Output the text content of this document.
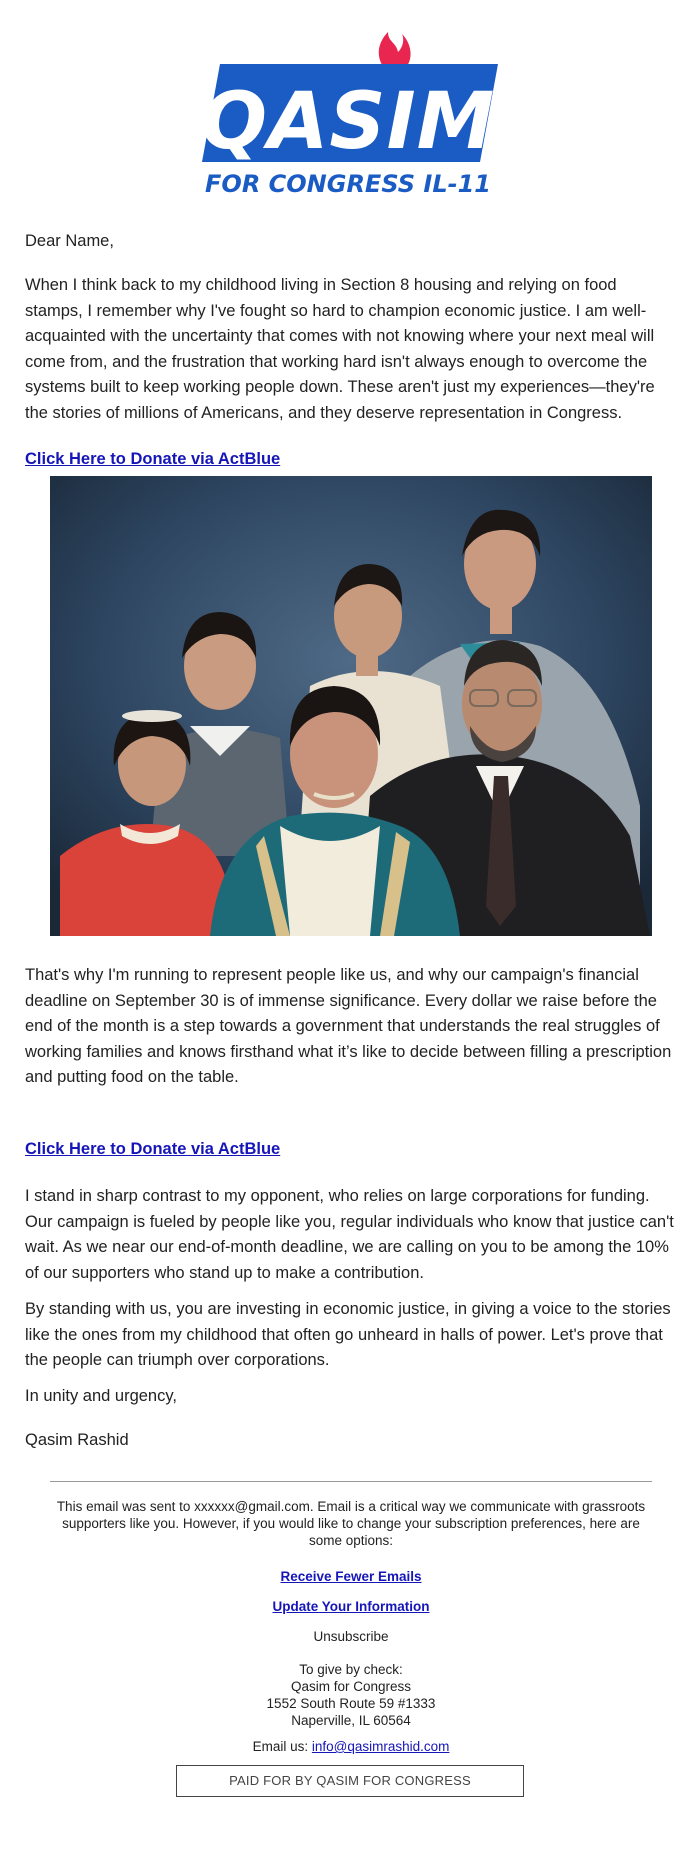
QASIM
FOR CONGRESS IL-11

Dear Name,

When I think back to my childhood living in Section 8 housing and relying on food stamps, I remember why I've fought so hard to champion economic justice. I am well-acquainted with the uncertainty that comes with not knowing where your next meal will come from, and the frustration that working hard isn't always enough to overcome the systems built to keep working people down. These aren't just my experiences—they're the stories of millions of Americans, and they deserve representation in Congress.

Click Here to Donate via ActBlue

That's why I'm running to represent people like us, and why our campaign's financial deadline on September 30 is of immense significance. Every dollar we raise before the end of the month is a step towards a government that understands the real struggles of working families and knows firsthand what it’s like to decide between filling a prescription and putting food on the table.

Click Here to Donate via ActBlue

I stand in sharp contrast to my opponent, who relies on large corporations for funding. Our campaign is fueled by people like you, regular individuals who know that justice can't wait. As we near our end-of-month deadline, we are calling on you to be among the 10% of our supporters who stand up to make a contribution.

By standing with us, you are investing in economic justice, in giving a voice to the stories like the ones from my childhood that often go unheard in halls of power. Let's prove that the people can triumph over corporations.

In unity and urgency,

Qasim Rashid

This email was sent to xxxxxx@gmail.com. Email is a critical way we communicate with grassroots supporters like you. However, if you would like to change your subscription preferences, here are some options:
Receive Fewer Emails
Update Your Information
Unsubscribe
To give by check:
Qasim for Congress
1552 South Route 59 #1333
Naperville, IL 60564
Email us: info@qasimrashid.com
PAID FOR BY QASIM FOR CONGRESS
